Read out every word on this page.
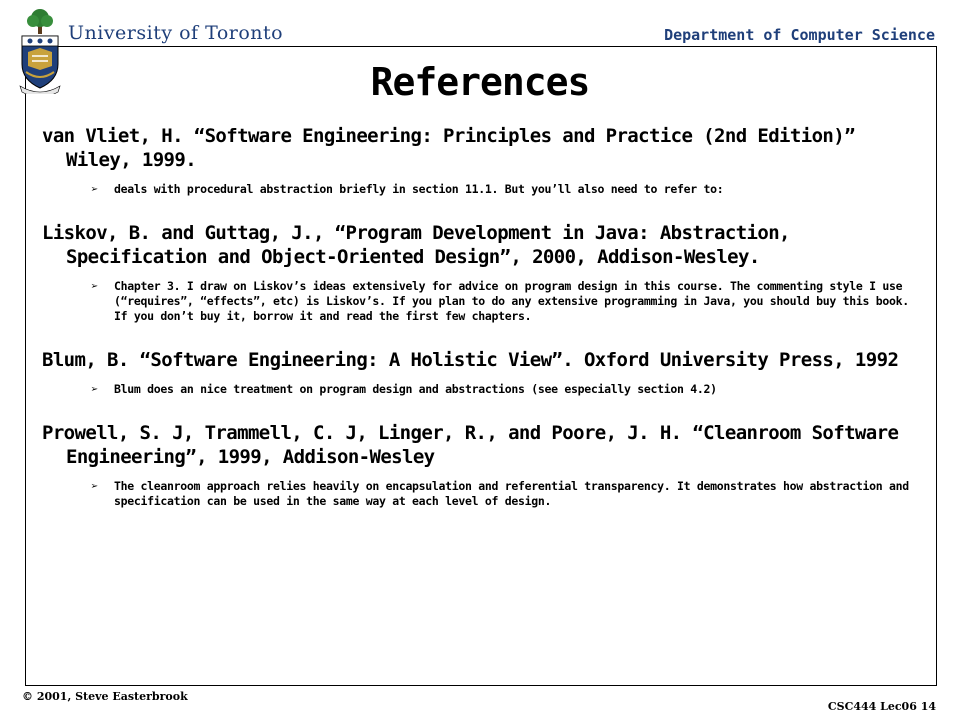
University of Toronto	Department of Computer Science
References

van Vliet, H. “Software Engineering: Principles and Practice (2nd Edition)” Wiley, 1999.

➢ deals with procedural abstraction briefly in section 11.1. But you’ll also need to refer to:

Liskov, B. and Guttag, J., “Program Development in Java: Abstraction, Specification and Object-Oriented Design”, 2000, Addison-Wesley.

➢ Chapter 3. I draw on Liskov’s ideas extensively for advice on program design in this course. The commenting style I use (“requires”, “effects”, etc) is Liskov’s. If you plan to do any extensive programming in Java, you should buy this book. If you don’t buy it, borrow it and read the first few chapters.

Blum, B. “Software Engineering: A Holistic View”. Oxford University Press, 1992

➢ Blum does an nice treatment on program design and abstractions (see especially section 4.2)

Prowell, S. J, Trammell, C. J, Linger, R., and Poore, J. H. “Cleanroom Software Engineering”, 1999, Addison-Wesley

➢ The cleanroom approach relies heavily on encapsulation and referential transparency. It demonstrates how abstraction and specification can be used in the same way at each level of design.
© 2001, Steve Easterbrook
CSC444 Lec06 14
